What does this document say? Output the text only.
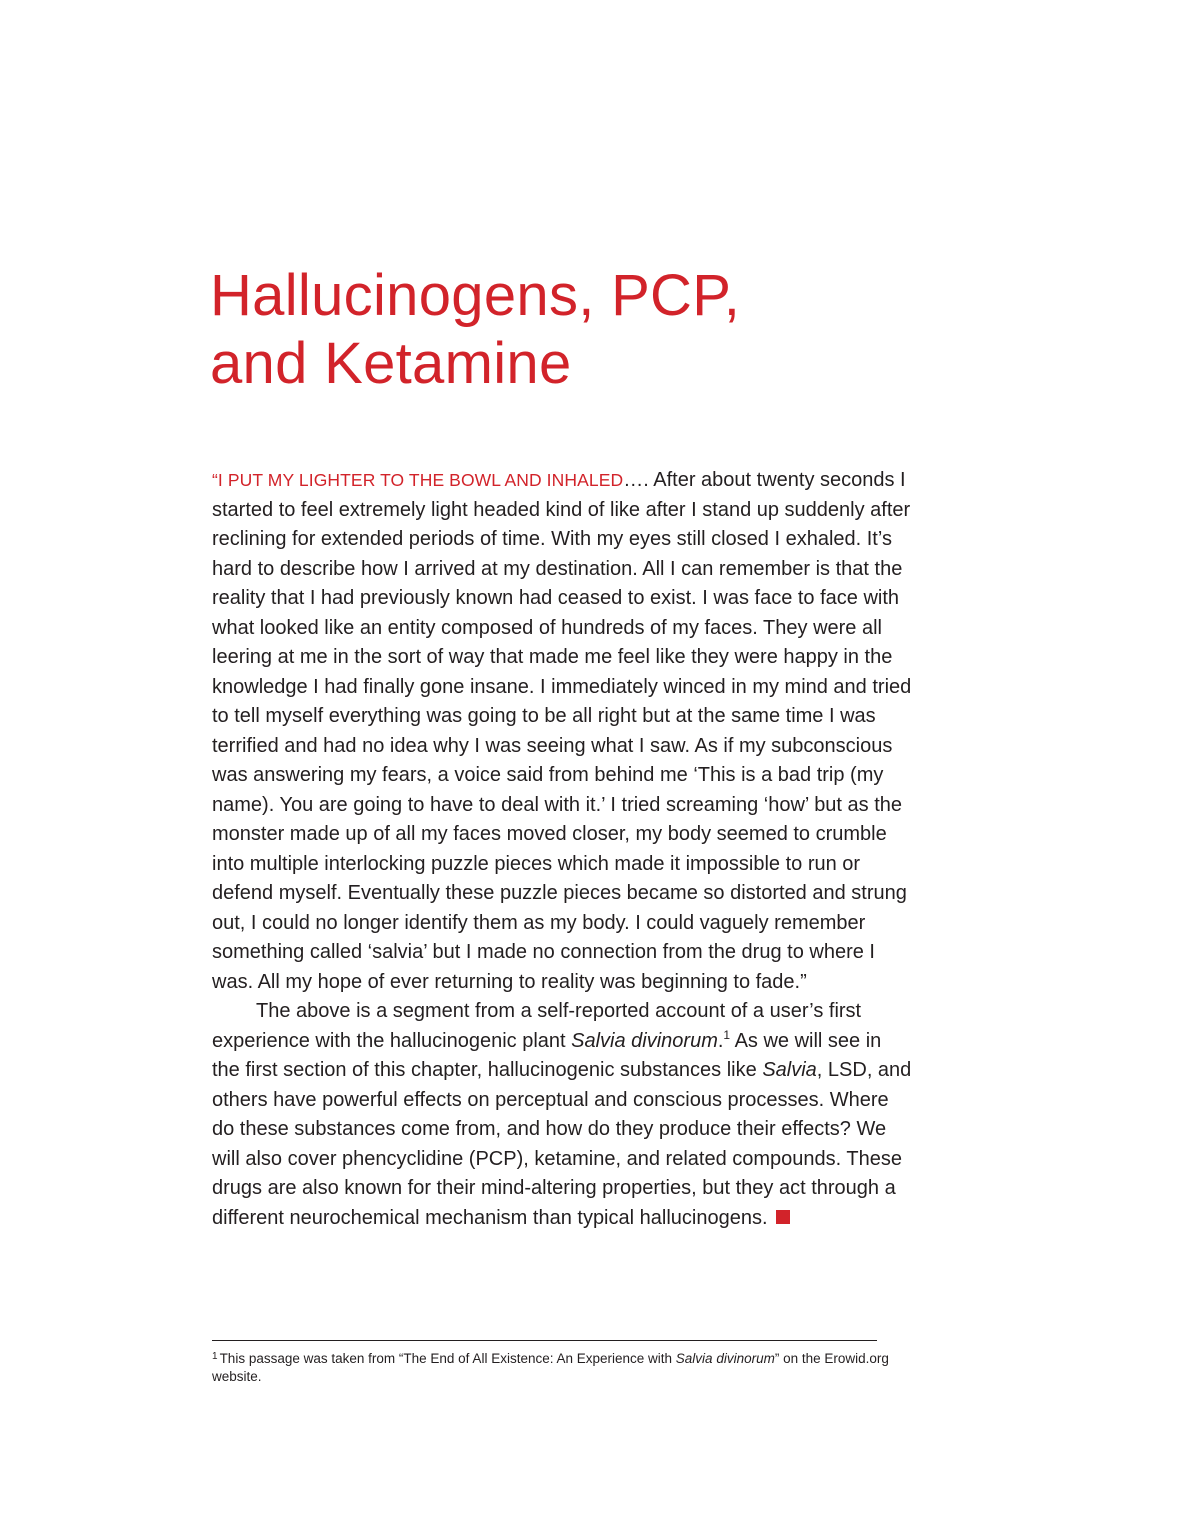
Hallucinogens, PCP,
and Ketamine

“I PUT MY LIGHTER TO THE BOWL AND INHALED…. After about twenty seconds I started to feel extremely light headed kind of like after I stand up suddenly after reclining for extended periods of time. With my eyes still closed I exhaled. It’s hard to describe how I arrived at my destination. All I can remember is that the reality that I had previously known had ceased to exist. I was face to face with what looked like an entity composed of hundreds of my faces. They were all leering at me in the sort of way that made me feel like they were happy in the knowledge I had finally gone insane. I immediately winced in my mind and tried to tell myself everything was going to be all right but at the same time I was terrified and had no idea why I was seeing what I saw. As if my subconscious was answering my fears, a voice said from behind me ‘This is a bad trip (my name). You are going to have to deal with it.’ I tried screaming ‘how’ but as the monster made up of all my faces moved closer, my body seemed to crumble into multiple interlocking puzzle pieces which made it impossible to run or defend myself. Eventually these puzzle pieces became so distorted and strung out, I could no longer identify them as my body. I could vaguely remember something called ‘salvia’ but I made no connection from the drug to where I was. All my hope of ever returning to reality was beginning to fade.”

The above is a segment from a self-reported account of a user’s first experience with the hallucinogenic plant Salvia divinorum.$^1$ As we will see in the first section of this chapter, hallucinogenic substances like Salvia, LSD, and others have powerful effects on perceptual and conscious processes. Where do these substances come from, and how do they produce their effects? We will also cover phencyclidine (PCP), ketamine, and related compounds. These drugs are also known for their mind-altering properties, but they act through a different neurochemical mechanism than typical hallucinogens.

$^1$ This passage was taken from “The End of All Existence: An Experience with Salvia divinorum” on the Erowid.org website.
